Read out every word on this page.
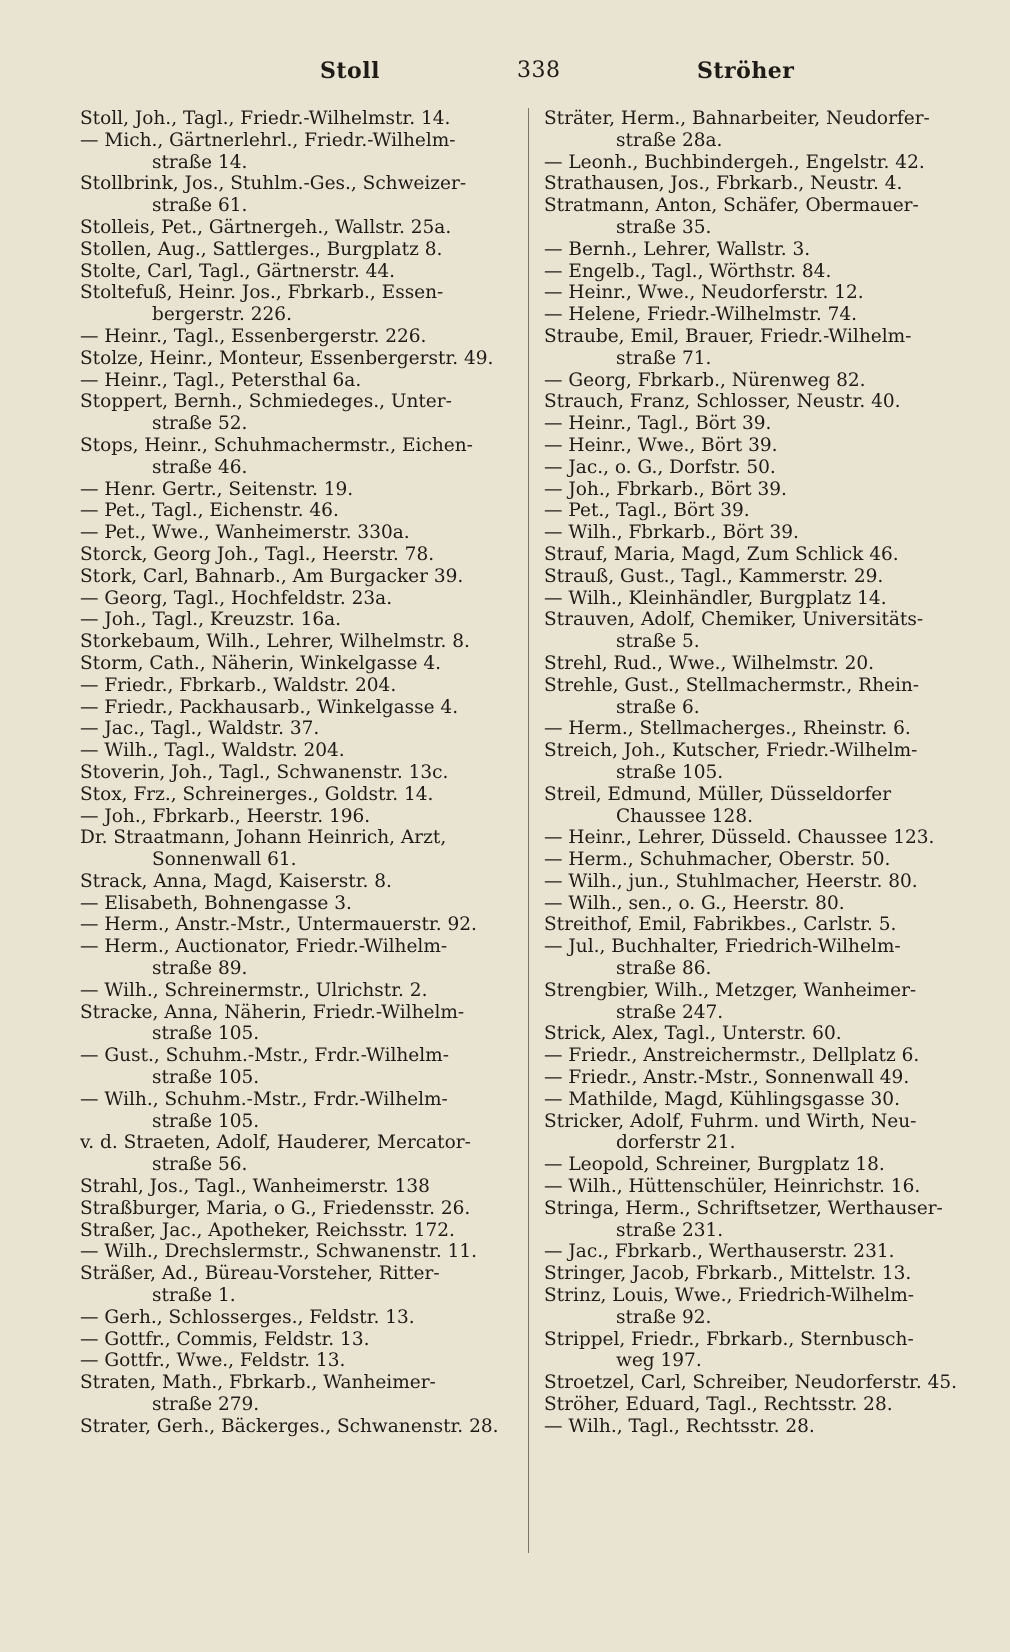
Stoll	338	Ströher
Stoll, Joh., Tagl., Friedr.-Wilhelmstr. 14.
— Mich., Gärtnerlehrl., Friedr.-Wilhelm-
straße 14.
Stollbrink, Jos., Stuhlm.-Ges., Schweizer-
straße 61.
Stolleis, Pet., Gärtnergeh., Wallstr. 25a.
Stollen, Aug., Sattlerges., Burgplatz 8.
Stolte, Carl, Tagl., Gärtnerstr. 44.
Stoltefuß, Heinr. Jos., Fbrkarb., Essen-
bergerstr. 226.
— Heinr., Tagl., Essenbergerstr. 226.
Stolze, Heinr., Monteur, Essenbergerstr. 49.
— Heinr., Tagl., Petersthal 6a.
Stoppert, Bernh., Schmiedeges., Unter-
straße 52.
Stops, Heinr., Schuhmachermstr., Eichen-
straße 46.
— Henr. Gertr., Seitenstr. 19.
— Pet., Tagl., Eichenstr. 46.
— Pet., Wwe., Wanheimerstr. 330a.
Storck, Georg Joh., Tagl., Heerstr. 78.
Stork, Carl, Bahnarb., Am Burgacker 39.
— Georg, Tagl., Hochfeldstr. 23a.
— Joh., Tagl., Kreuzstr. 16a.
Storkebaum, Wilh., Lehrer, Wilhelmstr. 8.
Storm, Cath., Näherin, Winkelgasse 4.
— Friedr., Fbrkarb., Waldstr. 204.
— Friedr., Packhausarb., Winkelgasse 4.
— Jac., Tagl., Waldstr. 37.
— Wilh., Tagl., Waldstr. 204.
Stoverin, Joh., Tagl., Schwanenstr. 13c.
Stox, Frz., Schreinerges., Goldstr. 14.
— Joh., Fbrkarb., Heerstr. 196.
Dr. Straatmann, Johann Heinrich, Arzt,
Sonnenwall 61.
Strack, Anna, Magd, Kaiserstr. 8.
— Elisabeth, Bohnengasse 3.
— Herm., Anstr.-Mstr., Untermauerstr. 92.
— Herm., Auctionator, Friedr.-Wilhelm-
straße 89.
— Wilh., Schreinermstr., Ulrichstr. 2.
Stracke, Anna, Näherin, Friedr.-Wilhelm-
straße 105.
— Gust., Schuhm.-Mstr., Frdr.-Wilhelm-
straße 105.
— Wilh., Schuhm.-Mstr., Frdr.-Wilhelm-
straße 105.
v. d. Straeten, Adolf, Hauderer, Mercator-
straße 56.
Strahl, Jos., Tagl., Wanheimerstr. 138
Straßburger, Maria, o G., Friedensstr. 26.
Straßer, Jac., Apotheker, Reichsstr. 172.
— Wilh., Drechslermstr., Schwanenstr. 11.
Sträßer, Ad., Büreau-Vorsteher, Ritter-
straße 1.
— Gerh., Schlosserges., Feldstr. 13.
— Gottfr., Commis, Feldstr. 13.
— Gottfr., Wwe., Feldstr. 13.
Straten, Math., Fbrkarb., Wanheimer-
straße 279.
Strater, Gerh., Bäckerges., Schwanenstr. 28.
Sträter, Herm., Bahnarbeiter, Neudorfer-
straße 28a.
— Leonh., Buchbindergeh., Engelstr. 42.
Strathausen, Jos., Fbrkarb., Neustr. 4.
Stratmann, Anton, Schäfer, Obermauer-
straße 35.
— Bernh., Lehrer, Wallstr. 3.
— Engelb., Tagl., Wörthstr. 84.
— Heinr., Wwe., Neudorferstr. 12.
— Helene, Friedr.-Wilhelmstr. 74.
Straube, Emil, Brauer, Friedr.-Wilhelm-
straße 71.
— Georg, Fbrkarb., Nürenweg 82.
Strauch, Franz, Schlosser, Neustr. 40.
— Heinr., Tagl., Bört 39.
— Heinr., Wwe., Bört 39.
— Jac., o. G., Dorfstr. 50.
— Joh., Fbrkarb., Bört 39.
— Pet., Tagl., Bört 39.
— Wilh., Fbrkarb., Bört 39.
Strauf, Maria, Magd, Zum Schlick 46.
Strauß, Gust., Tagl., Kammerstr. 29.
— Wilh., Kleinhändler, Burgplatz 14.
Strauven, Adolf, Chemiker, Universitäts-
straße 5.
Strehl, Rud., Wwe., Wilhelmstr. 20.
Strehle, Gust., Stellmachermstr., Rhein-
straße 6.
— Herm., Stellmacherges., Rheinstr. 6.
Streich, Joh., Kutscher, Friedr.-Wilhelm-
straße 105.
Streil, Edmund, Müller, Düsseldorfer
Chaussee 128.
— Heinr., Lehrer, Düsseld. Chaussee 123.
— Herm., Schuhmacher, Oberstr. 50.
— Wilh., jun., Stuhlmacher, Heerstr. 80.
— Wilh., sen., o. G., Heerstr. 80.
Streithof, Emil, Fabrikbes., Carlstr. 5.
— Jul., Buchhalter, Friedrich-Wilhelm-
straße 86.
Strengbier, Wilh., Metzger, Wanheimer-
straße 247.
Strick, Alex, Tagl., Unterstr. 60.
— Friedr., Anstreichermstr., Dellplatz 6.
— Friedr., Anstr.-Mstr., Sonnenwall 49.
— Mathilde, Magd, Kühlingsgasse 30.
Stricker, Adolf, Fuhrm. und Wirth, Neu-
dorferstr 21.
— Leopold, Schreiner, Burgplatz 18.
— Wilh., Hüttenschüler, Heinrichstr. 16.
Stringa, Herm., Schriftsetzer, Werthauser-
straße 231.
— Jac., Fbrkarb., Werthauserstr. 231.
Stringer, Jacob, Fbrkarb., Mittelstr. 13.
Strinz, Louis, Wwe., Friedrich-Wilhelm-
straße 92.
Strippel, Friedr., Fbrkarb., Sternbusch-
weg 197.
Stroetzel, Carl, Schreiber, Neudorferstr. 45.
Ströher, Eduard, Tagl., Rechtsstr. 28.
— Wilh., Tagl., Rechtsstr. 28.
